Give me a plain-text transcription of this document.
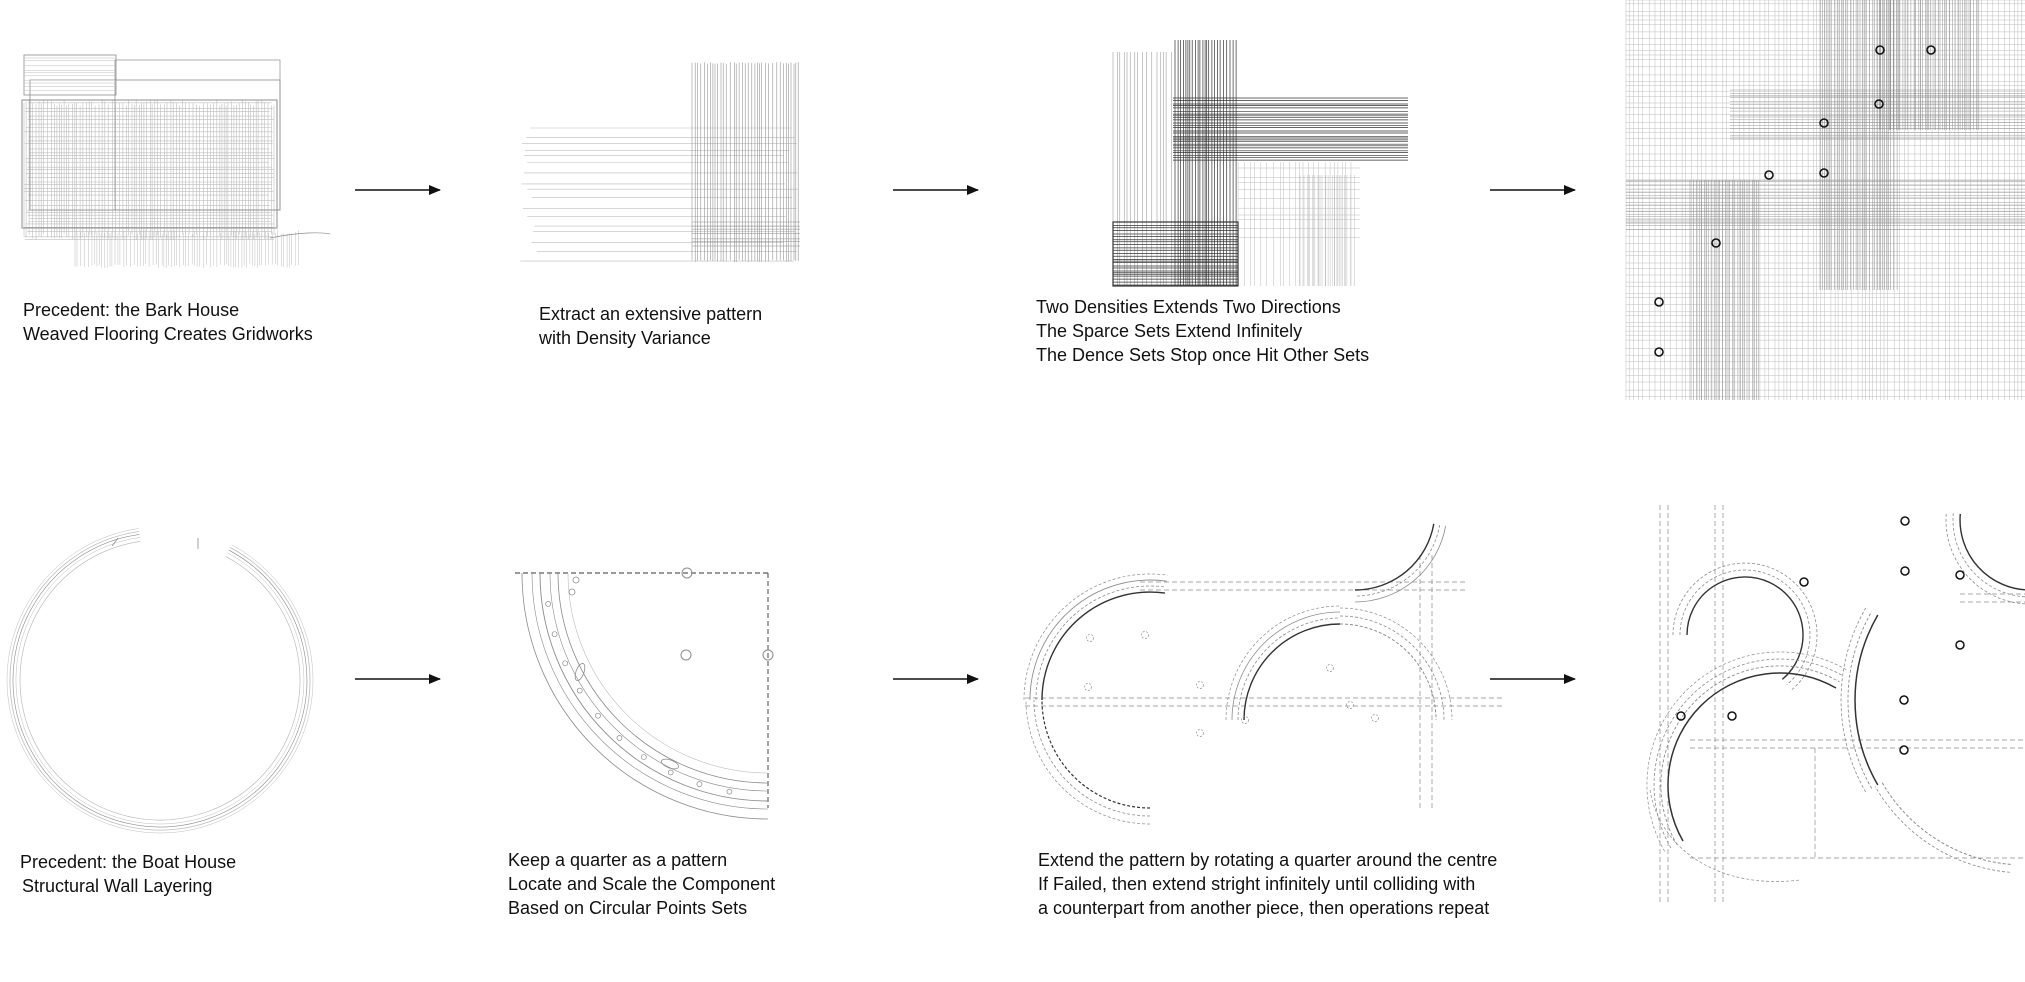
Precedent: the Bark House
Weaved Flooring Creates Gridworks
Extract an extensive pattern
with Density Variance
Two Densities Extends Two Directions
The Sparce Sets Extend Infinitely
The Dence Sets Stop once Hit Other Sets
Precedent: the Boat House
Structural Wall Layering
Keep a quarter as a pattern
Locate and Scale the Component
Based on Circular Points Sets
Extend the pattern by rotating a quarter around the centre
If Failed, then extend stright infinitely until colliding with
a counterpart from another piece, then operations repeat
